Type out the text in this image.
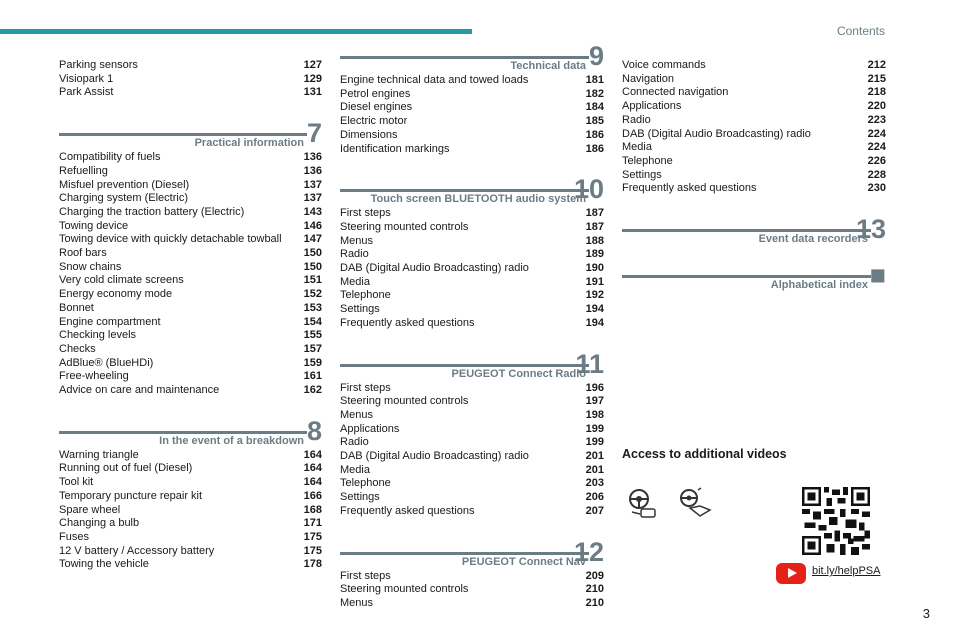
Contents
Parking sensors	127
Visiopark 1	129
Park Assist	131
Practical information 7
Compatibility of fuels	136
Refuelling	136
Misfuel prevention (Diesel)	137
Charging system (Electric)	137
Charging the traction battery (Electric)	143
Towing device	146
Towing device with quickly detachable towball 147
Roof bars	150
Snow chains	150
Very cold climate screens	151
Energy economy mode	152
Bonnet	153
Engine compartment	154
Checking levels	155
Checks	157
AdBlue® (BlueHDi)	159
Free-wheeling	161
Advice on care and maintenance	162
In the event of a breakdown 8
Warning triangle	164
Running out of fuel (Diesel)	164
Tool kit	164
Temporary puncture repair kit	166
Spare wheel	168
Changing a bulb	171
Fuses	175
12 V battery / Accessory battery	175
Towing the vehicle	178
Technical data 9
Engine technical data and towed loads	181
Petrol engines	182
Diesel engines	184
Electric motor	185
Dimensions	186
Identification markings	186
Touch screen BLUETOOTH audio system
10
First steps	187
Steering mounted controls	187
Menus	188
Radio	189
DAB (Digital Audio Broadcasting) radio	190
Media	191
Telephone	192
Settings	194
Frequently asked questions	194
PEUGEOT Connect Radio
11
First steps	196
Steering mounted controls	197
Menus	198
Applications	199
Radio	199
DAB (Digital Audio Broadcasting) radio	201
Media	201
Telephone	203
Settings	206
Frequently asked questions	207
PEUGEOT Connect Nav
12
First steps	209
Steering mounted controls	210
Menus	210
Voice commands	212
Navigation	215
Connected navigation	218
Applications	220
Radio	223
DAB (Digital Audio Broadcasting) radio	224
Media	224
Telephone	226
Settings	228
Frequently asked questions	230
Event data recorders
13
Alphabetical index ■
Access to additional videos
bit.ly/helpPSA
3
